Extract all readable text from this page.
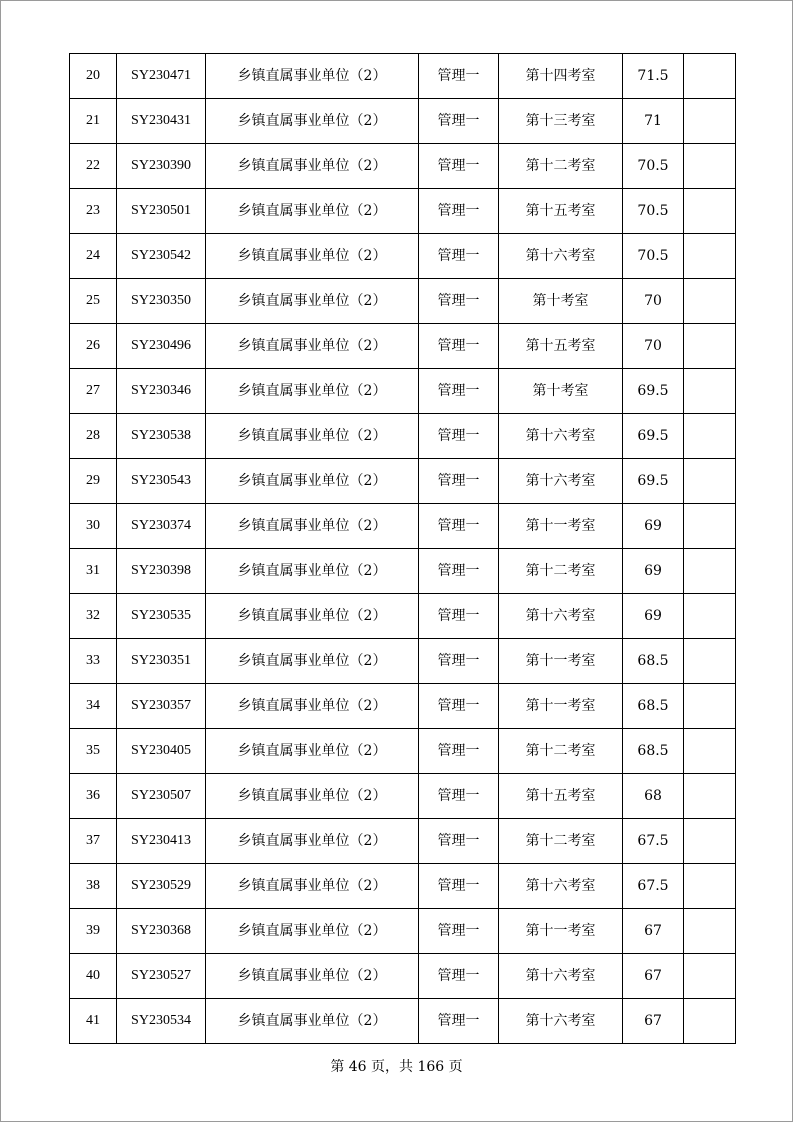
20	SY230471	乡镇直属事业单位（2）	管理一	第十四考室	71.5	
21	SY230431	乡镇直属事业单位（2）	管理一	第十三考室	71	
22	SY230390	乡镇直属事业单位（2）	管理一	第十二考室	70.5	
23	SY230501	乡镇直属事业单位（2）	管理一	第十五考室	70.5	
24	SY230542	乡镇直属事业单位（2）	管理一	第十六考室	70.5	
25	SY230350	乡镇直属事业单位（2）	管理一	第十考室	70	
26	SY230496	乡镇直属事业单位（2）	管理一	第十五考室	70	
27	SY230346	乡镇直属事业单位（2）	管理一	第十考室	69.5	
28	SY230538	乡镇直属事业单位（2）	管理一	第十六考室	69.5	
29	SY230543	乡镇直属事业单位（2）	管理一	第十六考室	69.5	
30	SY230374	乡镇直属事业单位（2）	管理一	第十一考室	69	
31	SY230398	乡镇直属事业单位（2）	管理一	第十二考室	69	
32	SY230535	乡镇直属事业单位（2）	管理一	第十六考室	69	
33	SY230351	乡镇直属事业单位（2）	管理一	第十一考室	68.5	
34	SY230357	乡镇直属事业单位（2）	管理一	第十一考室	68.5	
35	SY230405	乡镇直属事业单位（2）	管理一	第十二考室	68.5	
36	SY230507	乡镇直属事业单位（2）	管理一	第十五考室	68	
37	SY230413	乡镇直属事业单位（2）	管理一	第十二考室	67.5	
38	SY230529	乡镇直属事业单位（2）	管理一	第十六考室	67.5	
39	SY230368	乡镇直属事业单位（2）	管理一	第十一考室	67	
40	SY230527	乡镇直属事业单位（2）	管理一	第十六考室	67	
41	SY230534	乡镇直属事业单位（2）	管理一	第十六考室	67	
第 46 页，共 166 页
